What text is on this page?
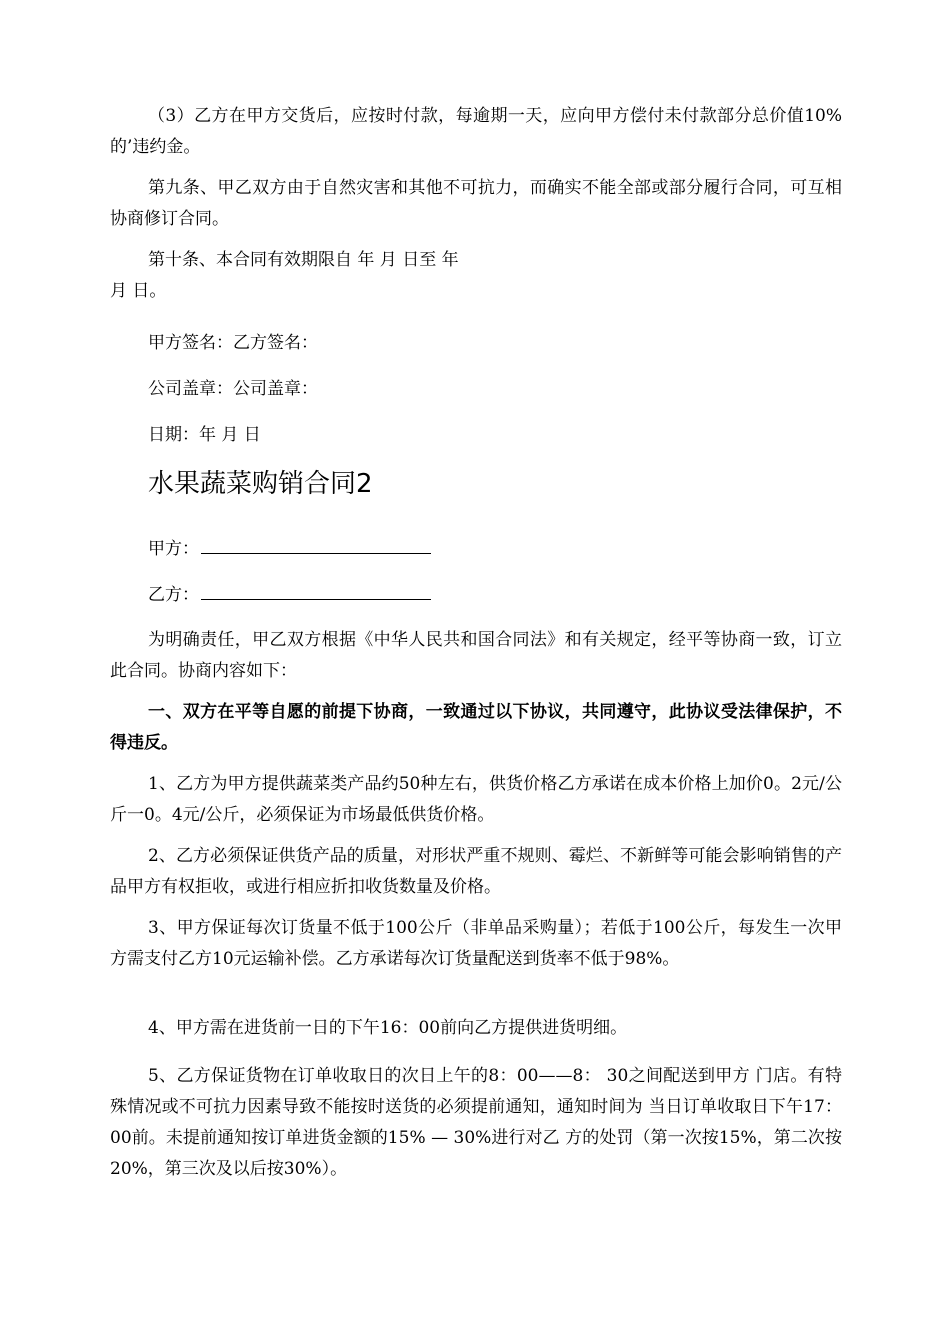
（3）乙方在甲方交货后，应按时付款，每逾期一天，应向甲方偿付未付款部分总价值10%的’违约金。

第九条、甲乙双方由于自然灾害和其他不可抗力，而确实不能全部或部分履行合同，可互相协商修订合同。

第十条、本合同有效期限自 年 月 日至 年

月 日。

甲方签名：乙方签名：

公司盖章：公司盖章：

日期：年 月 日

水果蔬菜购销合同2
甲方：
乙方：

为明确责任，甲乙双方根据《中华人民共和国合同法》和有关规定，经平等协商一致，订立此合同。协商内容如下：

一、双方在平等自愿的前提下协商，一致通过以下协议，共同遵守，此协议受法律保护，不得违反。

1、乙方为甲方提供蔬菜类产品约50种左右，供货价格乙方承诺在成本价格上加价0。2元/公斤一0。4元/公斤，必须保证为市场最低供货价格。

2、乙方必须保证供货产品的质量，对形状严重不规则、霉烂、不新鲜等可能会影响销售的产品甲方有权拒收，或进行相应折扣收货数量及价格。

3、甲方保证每次订货量不低于100公斤（非单品采购量）；若低于100公斤，每发生一次甲方需支付乙方10元运输补偿。乙方承诺每次订货量配送到货率不低于98%。

4、甲方需在进货前一日的下午16：00前向乙方提供进货明细。

5、乙方保证货物在订单收取日的次日上午的8：00——8： 30之间配送到甲方 门店。有特殊情况或不可抗力因素导致不能按时送货的必须提前通知，通知时间为 当日订单收取日下午17：00前。未提前通知按订单进货金额的15% — 30%进行对乙 方的处罚（第一次按15%，第二次按20%，第三次及以后按30%）。
